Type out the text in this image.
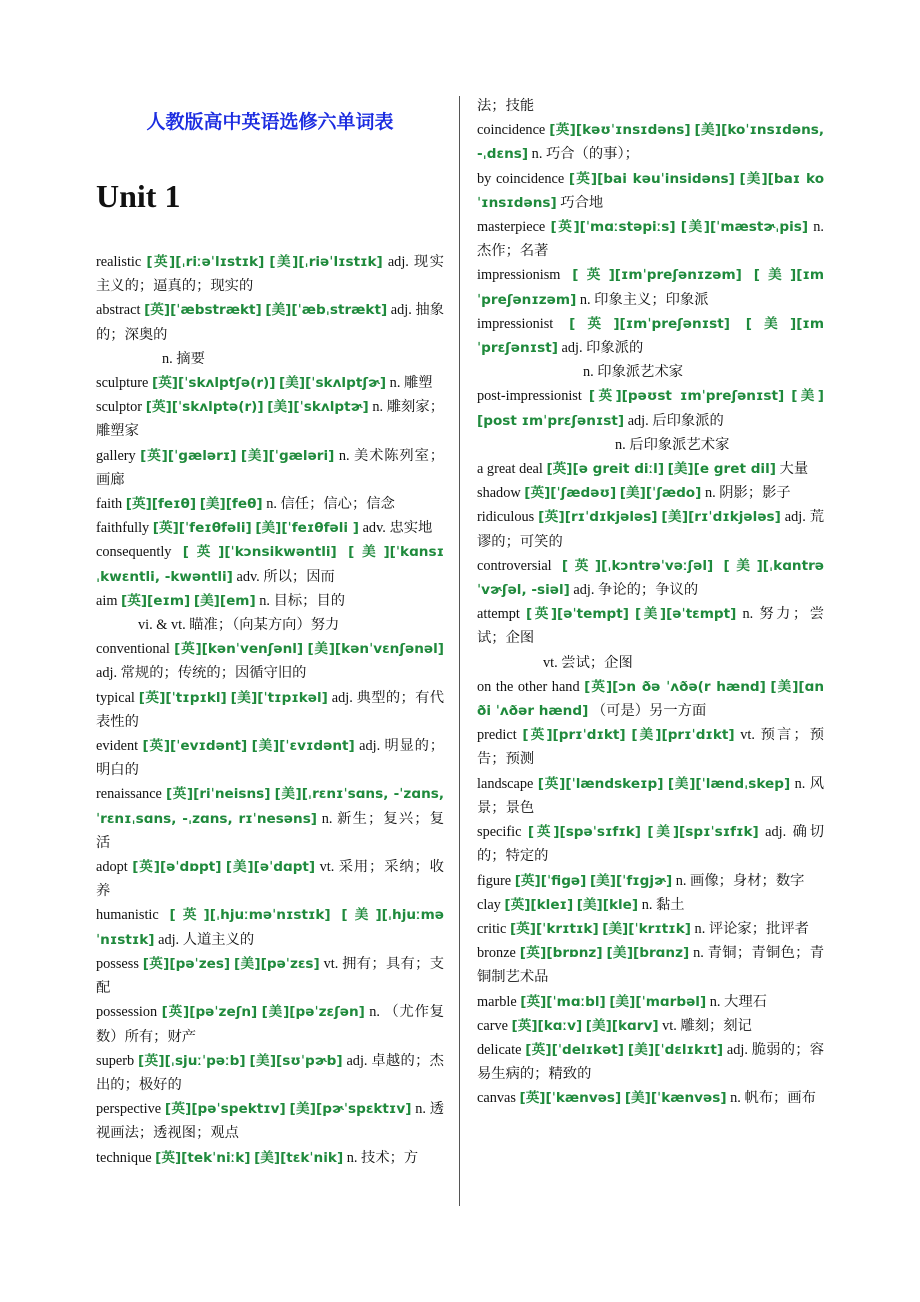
人教版高中英语选修六单词表
Unit 1
realistic [英][ˌriːəˈlɪstɪk] [美][ˌriəˈlɪstɪk] adj. 现实主义的；逼真的；现实的
abstract [英][ˈæbstrækt] [美][ˈæbˌstrækt] adj. 抽象的；深奥的
n. 摘要
sculpture [英][ˈskʌlptʃə(r)] [美][ˈskʌlptʃɚ] n. 雕塑
sculptor [英][ˈskʌlptə(r)] [美][ˈskʌlptɚ] n. 雕刻家；雕塑家
gallery [英][ˈgælərɪ] [美][ˈgæləri] n. 美术陈列室；画廊
faith [英][feɪθ] [美][feθ] n. 信任；信心；信念
faithfully [英][ˈfeɪθfəli] [美][ˈfeɪθfəli ] adv. 忠实地
consequently [英][ˈkɔnsikwəntli] [美][ˈkɑnsɪˌkwɛntli, -kwəntli] adv. 所以；因而
aim [英][eɪm] [美][em] n. 目标；目的
vi. & vt. 瞄准；（向某方向）努力
conventional [英][kənˈvenʃənl] [美][kənˈvɛnʃənəl] adj. 常规的；传统的；因循守旧的
typical [英][ˈtɪpɪkl] [美][ˈtɪpɪkəl] adj. 典型的；有代表性的
evident [英][ˈevɪdənt] [美][ˈɛvɪdənt] adj. 明显的；明白的
renaissance [英][riˈneisns] [美][ˌrɛnɪˈsɑns, -ˈzɑns, ˈrɛnɪˌsɑns, -ˌzɑns, rɪˈnesəns] n. 新生；复兴；复活
adopt [英][əˈdɒpt] [美][əˈdɑpt] vt. 采用；采纳；收养
humanistic [英][ˌhjuːməˈnɪstɪk] [美][ˌhjuːməˈnɪstɪk] adj. 人道主义的
possess [英][pəˈzes] [美][pəˈzɛs] vt. 拥有；具有；支配
possession [英][pəˈzeʃn] [美][pəˈzɛʃən] n. （尤作复数）所有；财产
superb [英][ˌsjuːˈpəːb] [美][sʊˈpɚb] adj. 卓越的；杰出的；极好的
perspective [英][pəˈspektɪv] [美][pɚˈspɛktɪv] n. 透视画法；透视图；观点
technique [英][tekˈniːk] [美][tɛkˈnik] n. 技术；方
法；技能
coincidence [英][kəʊˈɪnsɪdəns] [美][koˈɪnsɪdəns, -ˌdɛns] n. 巧合（的事）；
by coincidence [英][bai kəuˈinsidəns] [美][baɪ koˈɪnsɪdəns] 巧合地
masterpiece [英][ˈmɑːstəpiːs] [美][ˈmæstɚˌpis] n. 杰作；名著
impressionism [英][ɪmˈpreʃənɪzəm] [美][ɪmˈpreʃənɪzəm] n. 印象主义；印象派
impressionist [英][ɪmˈpreʃənɪst] [美][ɪmˈprɛʃənɪst] adj. 印象派的
n. 印象派艺术家
post-impressionist [英][pəʊst ɪmˈpreʃənɪst] [美][post ɪmˈprɛʃənɪst] adj. 后印象派的
n. 后印象派艺术家
a great deal [英][ə greit diːl] [美][e gret dil] 大量
shadow [英][ˈʃædəʊ] [美][ˈʃædo] n. 阴影；影子
ridiculous [英][rɪˈdɪkjələs] [美][rɪˈdɪkjələs] adj. 荒谬的；可笑的
controversial [英][ˌkɔntrəˈvəːʃəl] [美][ˌkɑntrəˈvɚʃəl, -siəl] adj. 争论的；争议的
attempt [英][əˈtempt] [美][əˈtɛmpt] n. 努力；尝试；企图
vt. 尝试；企图
on the other hand [英][ɔn ðə ˈʌðə(r hænd] [美][ɑn ði ˈʌðər hænd] （可是）另一方面
predict [英][prɪˈdɪkt] [美][prɪˈdɪkt] vt. 预言；预告；预测
landscape [英][ˈlændskeɪp] [美][ˈlændˌskep] n. 风景；景色
specific [英][spəˈsɪfɪk] [美][spɪˈsɪfɪk] adj. 确切的；特定的
figure [英][ˈfigə] [美][ˈfɪgjɚ] n. 画像；身材；数字
clay [英][kleɪ] [美][kle] n. 黏土
critic [英][ˈkrɪtɪk] [美][ˈkrɪtɪk] n. 评论家；批评者
bronze [英][brɒnz] [美][brɑnz] n. 青铜；青铜色；青铜制艺术品
marble [英][ˈmɑːbl] [美][ˈmɑrbəl] n. 大理石
carve [英][kɑːv] [美][kɑrv] vt. 雕刻；刻记
delicate [英][ˈdelɪkət] [美][ˈdɛlɪkɪt] adj. 脆弱的；容易生病的；精致的
canvas [英][ˈkænvəs] [美][ˈkænvəs] n. 帆布；画布
